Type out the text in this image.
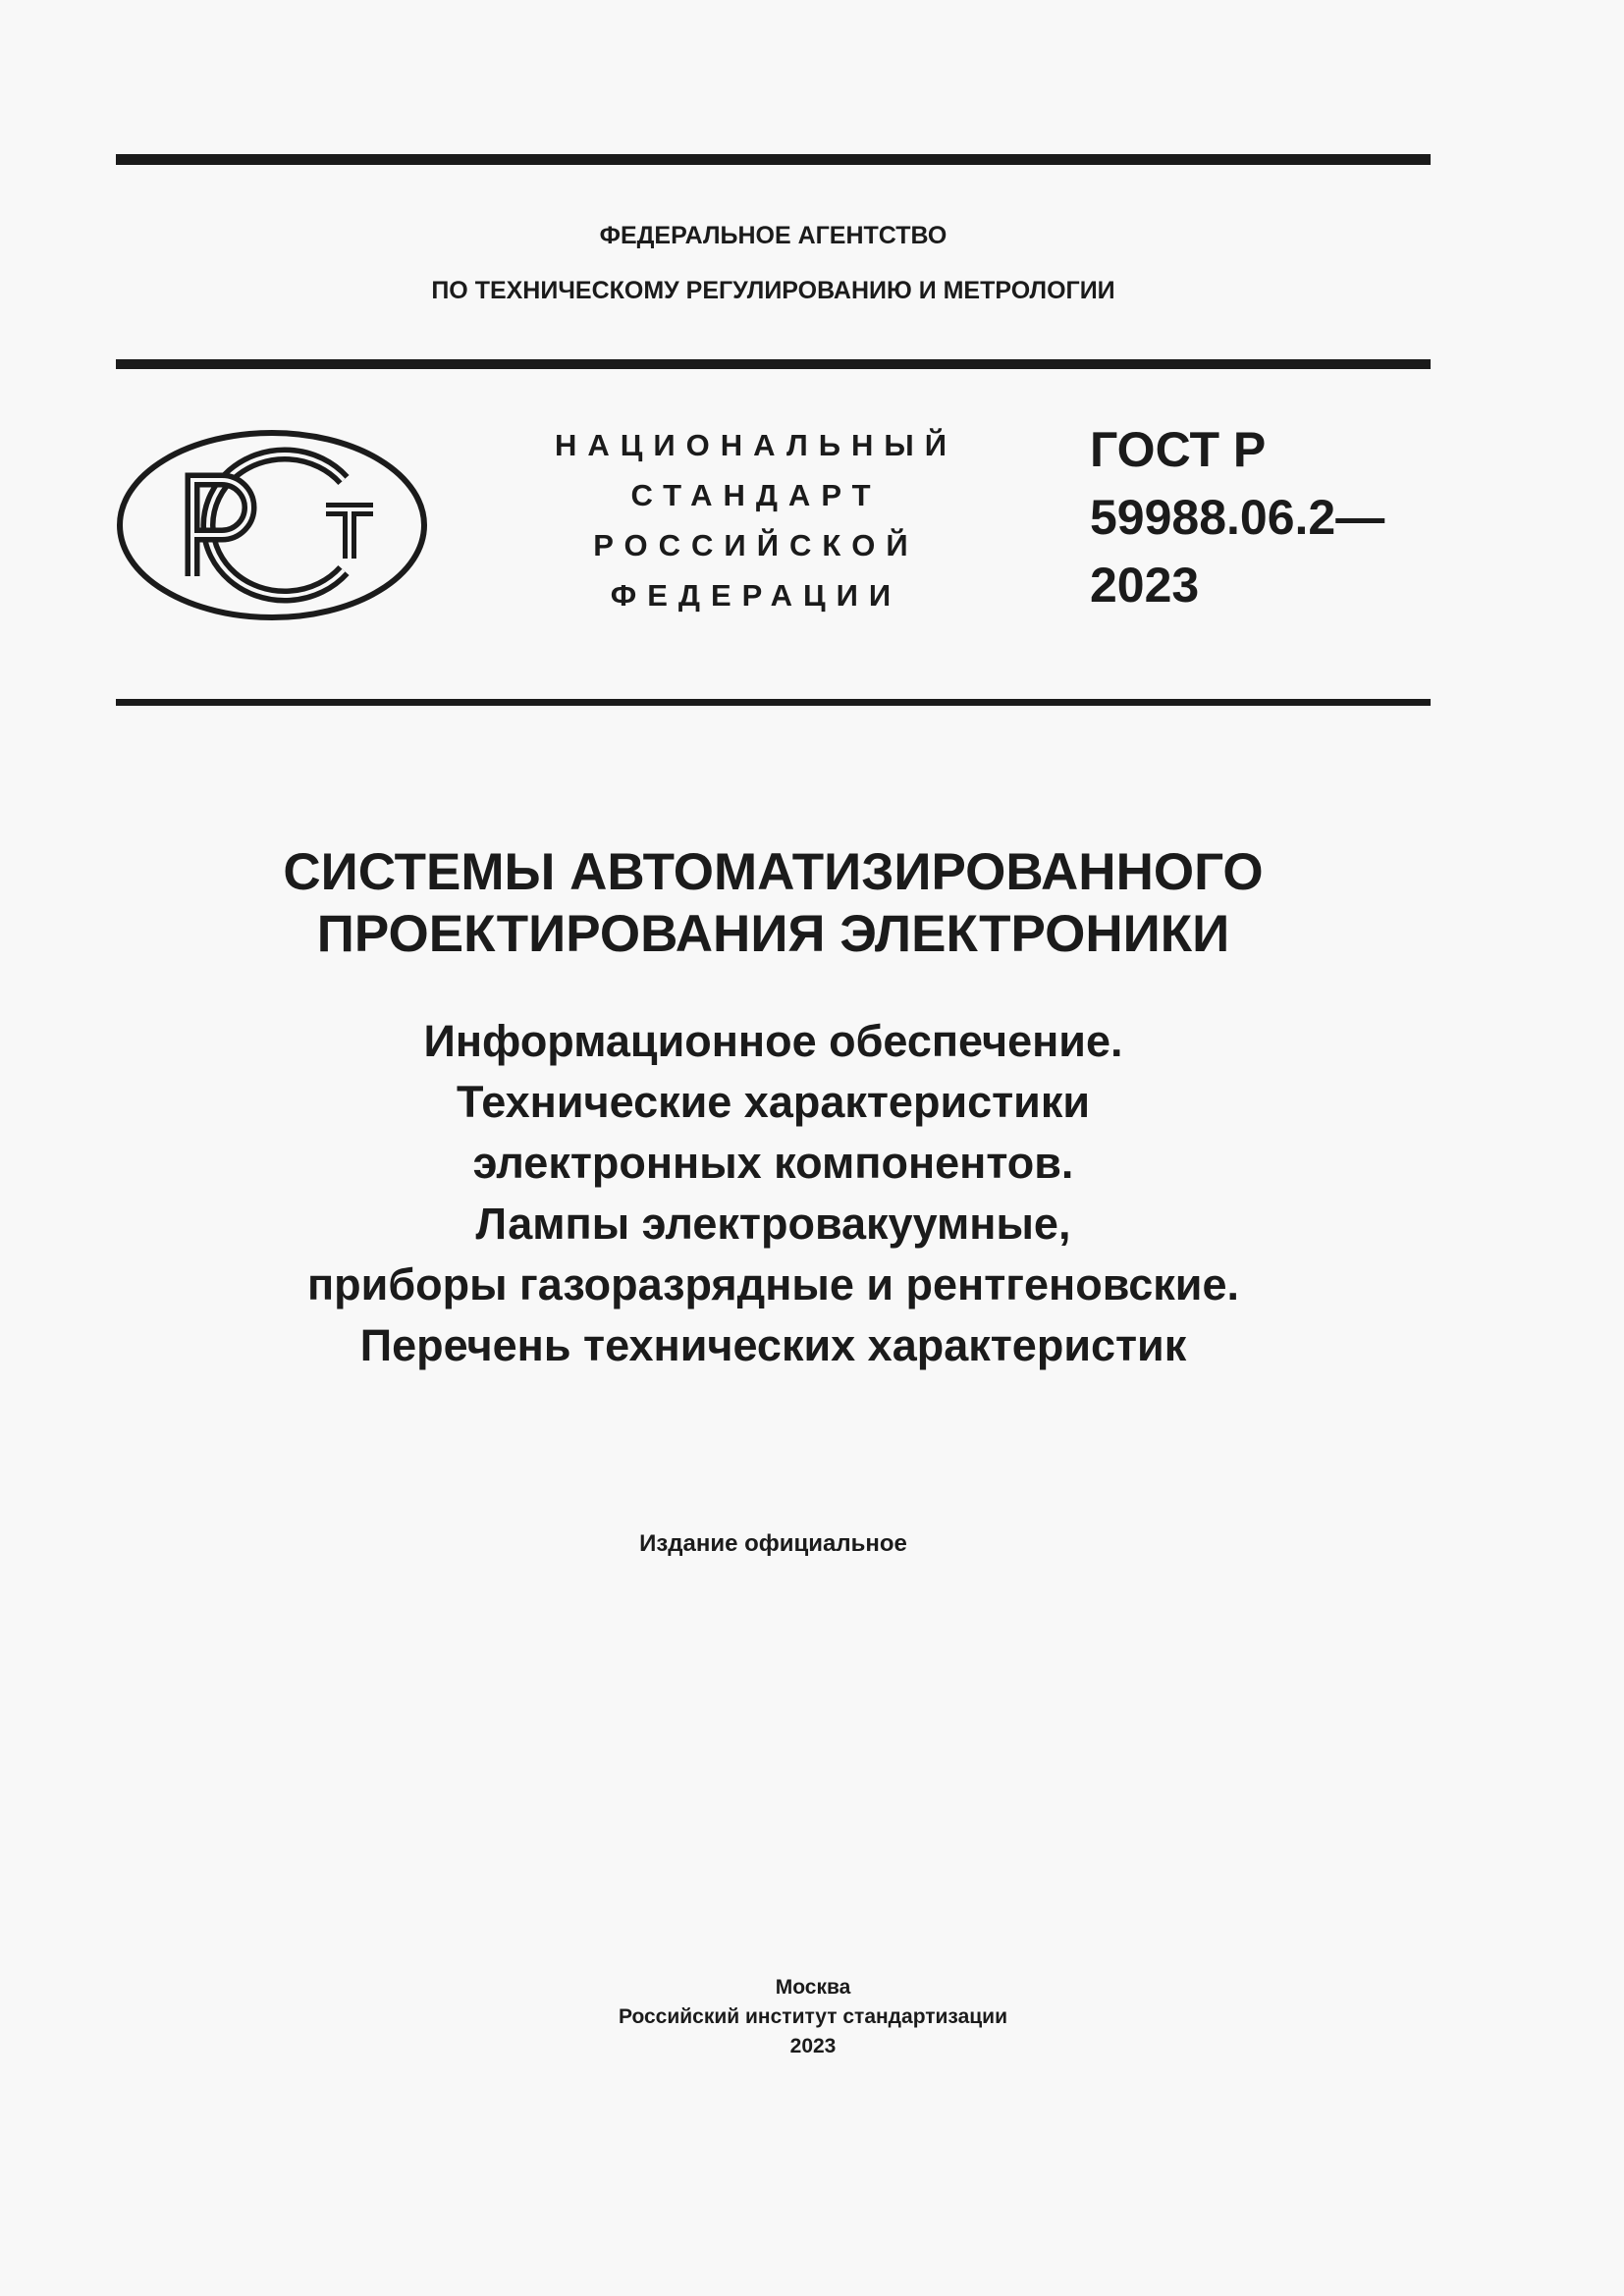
ФЕДЕРАЛЬНОЕ АГЕНТСТВО
ПО ТЕХНИЧЕСКОМУ РЕГУЛИРОВАНИЮ И МЕТРОЛОГИИ
НАЦИОНАЛЬНЫЙ
СТАНДАРТ
РОССИЙСКОЙ
ФЕДЕРАЦИИ
ГОСТ Р
59988.06.2—
2023
СИСТЕМЫ АВТОМАТИЗИРОВАННОГО
ПРОЕКТИРОВАНИЯ ЭЛЕКТРОНИКИ
Информационное обеспечение.
Технические характеристики
электронных компонентов.
Лампы электровакуумные,
приборы газоразрядные и рентгеновские.
Перечень технических характеристик
Издание официальное
Москва
Российский институт стандартизации
2023
